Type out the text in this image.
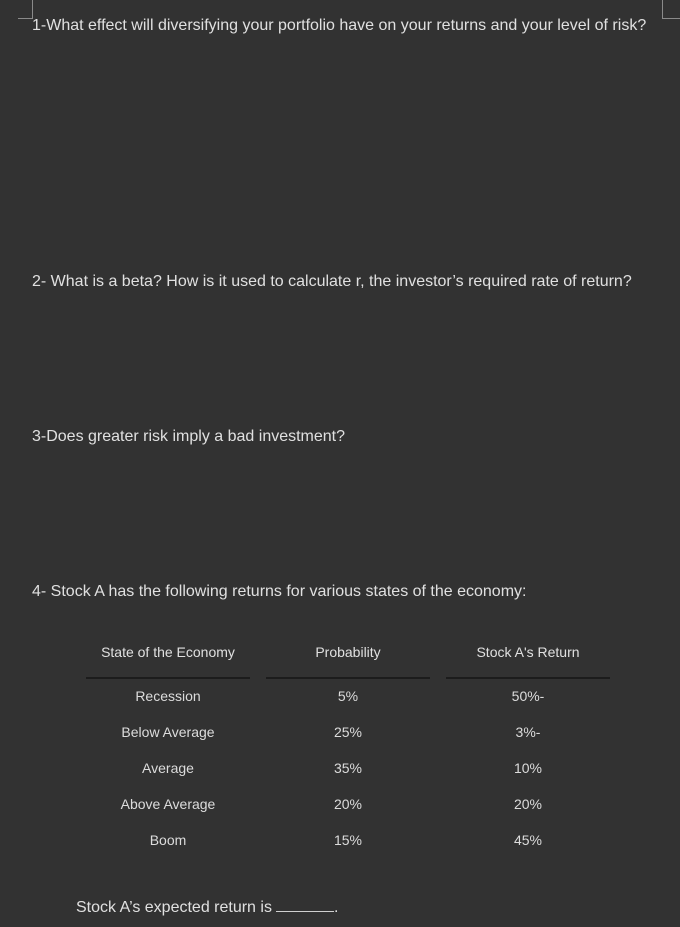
1-What effect will diversifying your portfolio have on your returns and your level of risk?

2- What is a beta? How is it used to calculate r, the investor’s required rate of return?

3-Does greater risk imply a bad investment?

4- Stock A has the following returns for various states of the economy:

State of the Economy	Probability	Stock A's Return
Recession	5%	50%-
Below Average	25%	3%-
Average	35%	10%
Above Average	20%	20%
Boom	15%	45%
Stock A’s expected return is	.
